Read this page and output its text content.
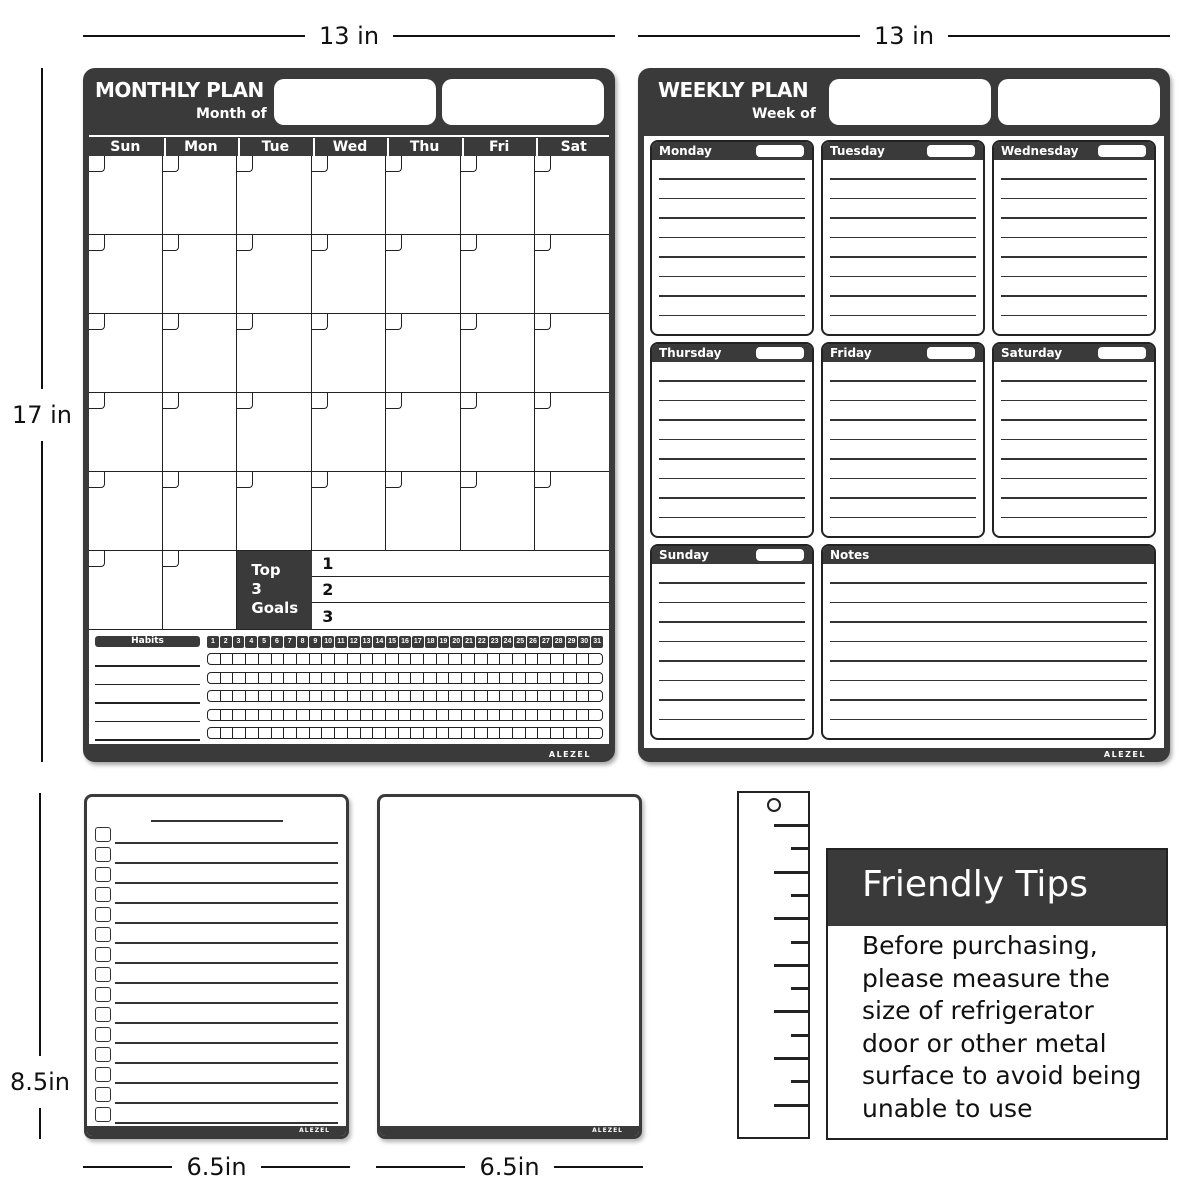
13 in	13 in
17 in
8.5in
6.5in	6.5in
MONTHLY PLAN
Month of
Sun	Mon	Tue	Wed	Thu	Fri	Sat
Top
3
Goals
1
2
3
Habits	1	2	3	4	5	6	7	8	9 10 11 12 13 14 15 16 17 18 19 20 21 22 23 24 25 26 27 28 29 30 31
ALEZEL
WEEKLY PLAN
Week of
Monday	Tuesday	Wednesday
Thursday	Friday	Saturday
Sunday	Notes
ALEZEL
ALEZEL	ALEZEL
Friendly Tips
Before purchasing,
please measure the
size of refrigerator
door or other metal
surface to avoid being
unable to use
